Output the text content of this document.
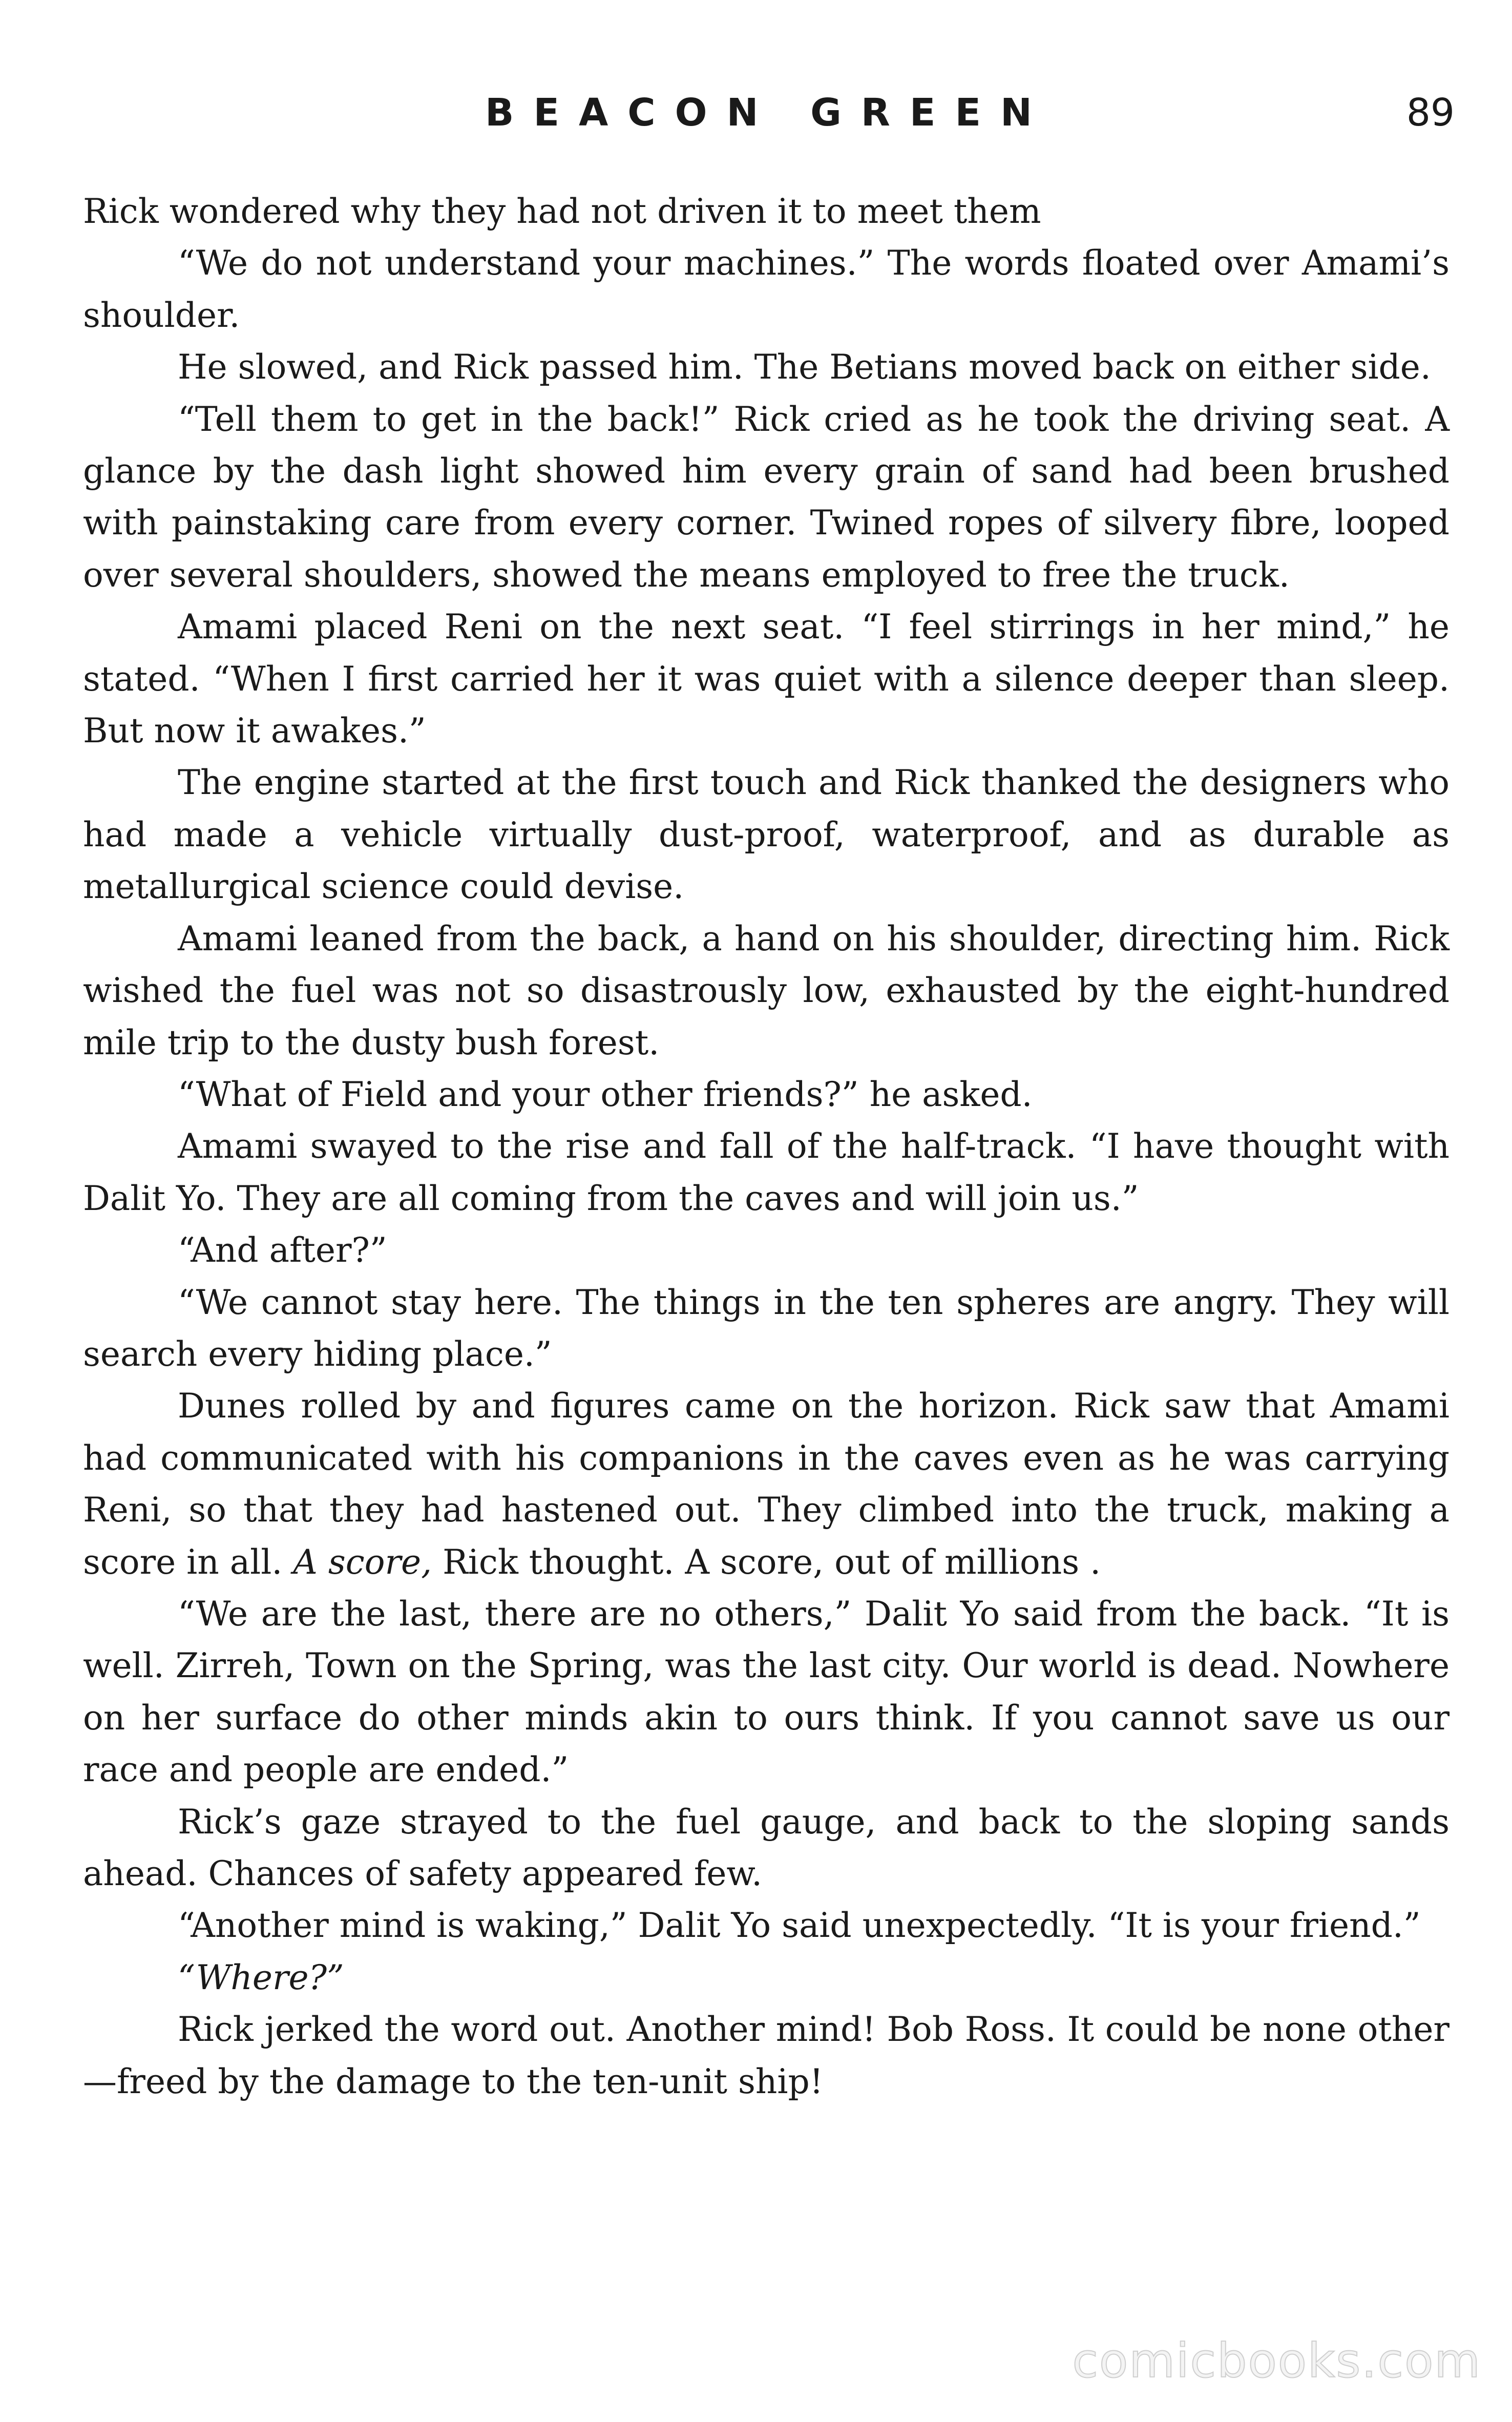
BEACON GREEN	89

Rick wondered why they had not driven it to meet them

“We do not understand your machines.” The words floated over Amami’s shoulder.

He slowed, and Rick passed him. The Betians moved back on either side.

“Tell them to get in the back!” Rick cried as he took the driving seat. A glance by the dash light showed him every grain of sand had been brushed with painstaking care from every corner. Twined ropes of silvery fibre, looped over several shoulders, showed the means employed to free the truck.

Amami placed Reni on the next seat. “I feel stirrings in her mind,” he stated. “When I first carried her it was quiet with a silence deeper than sleep. But now it awakes.”

The engine started at the first touch and Rick thanked the designers who had made a vehicle virtually dust-proof, waterproof, and as durable as metallurgical science could devise.

Amami leaned from the back, a hand on his shoulder, directing him. Rick wished the fuel was not so disastrously low, exhausted by the eight-hundred mile trip to the dusty bush forest.

“What of Field and your other friends?” he asked.

Amami swayed to the rise and fall of the half-track. “I have thought with Dalit Yo. They are all coming from the caves and will join us.”

“And after?”

“We cannot stay here. The things in the ten spheres are angry. They will search every hiding place.”

Dunes rolled by and figures came on the horizon. Rick saw that Amami had communicated with his companions in the caves even as he was carrying Reni, so that they had hastened out. They climbed into the truck, making a score in all. A score, Rick thought. A score, out of millions .

“We are the last, there are no others,” Dalit Yo said from the back. “It is well. Zirreh, Town on the Spring, was the last city. Our world is dead. Nowhere on her surface do other minds akin to ours think. If you cannot save us our race and people are ended.”

Rick’s gaze strayed to the fuel gauge, and back to the sloping sands ahead. Chances of safety appeared few.

“Another mind is waking,” Dalit Yo said unexpectedly. “It is your friend.”

“Where?”

Rick jerked the word out. Another mind! Bob Ross. It could be none other—freed by the damage to the ten-unit ship!

comicbooks.com
